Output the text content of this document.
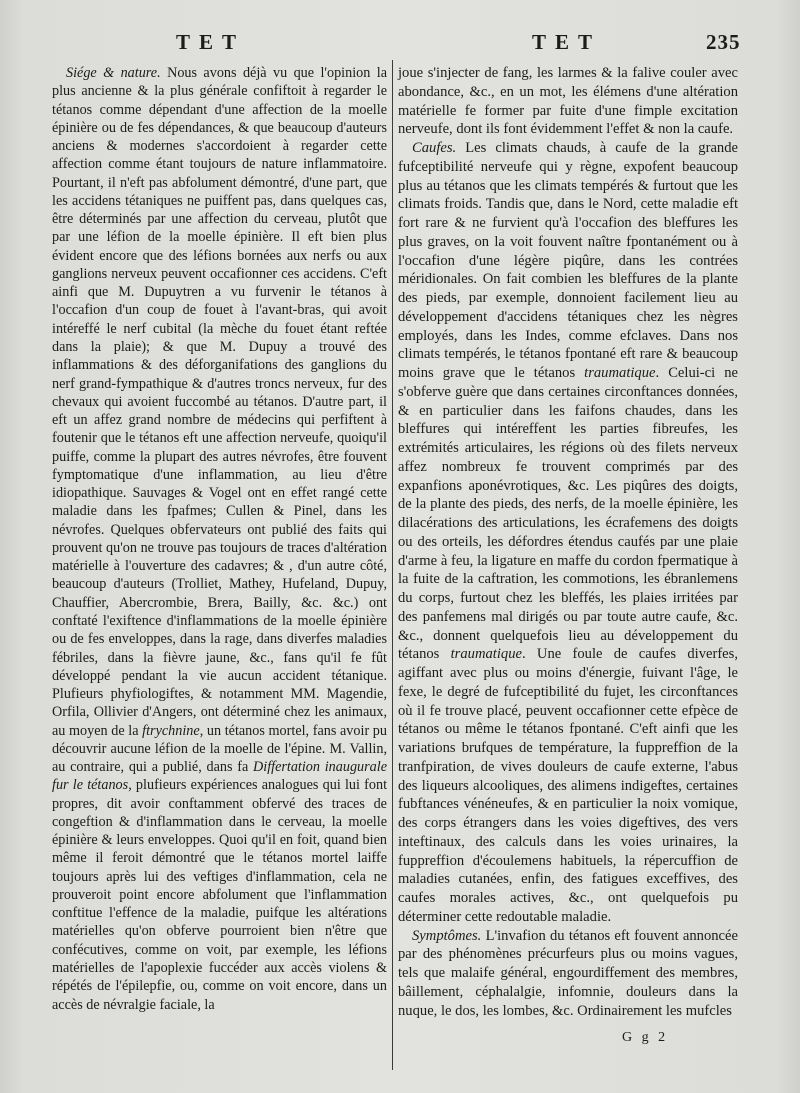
TET	TET	235

Siége & nature. Nous avons déjà vu que l'opinion la plus ancienne & la plus générale confiftoit à regarder le tétanos comme dépendant d'une affection de la moelle épinière ou de fes dépendances, & que beaucoup d'auteurs anciens & modernes s'accordoient à regarder cette affection comme étant toujours de nature inflammatoire. Pourtant, il n'eft pas abfolument démontré, d'une part, que les accidens tétaniques ne puiffent pas, dans quelques cas, être déterminés par une affection du cerveau, plutôt que par une léfion de la moelle épinière. Il eft bien plus évident encore que des léfions bornées aux nerfs ou aux ganglions nerveux peuvent occafionner ces accidens. C'eft ainfi que M. Dupuytren a vu furvenir le tétanos à l'occafion d'un coup de fouet à l'avant-bras, qui avoit intéreffé le nerf cubital (la mèche du fouet étant reftée dans la plaie); & que M. Dupuy a trouvé des inflammations & des déforganifations des ganglions du nerf grand-fympathique & d'autres troncs nerveux, fur des chevaux qui avoient fuccombé au tétanos. D'autre part, il eft un affez grand nombre de médecins qui perfiftent à foutenir que le tétanos eft une affection nerveufe, quoiqu'il puiffe, comme la plupart des autres névrofes, être fouvent fymptomatique d'une inflammation, au lieu d'être idiopathique. Sauvages & Vogel ont en effet rangé cette maladie dans les fpafmes; Cullen & Pinel, dans les névrofes. Quelques obfervateurs ont publié des faits qui prouvent qu'on ne trouve pas toujours de traces d'altération matérielle à l'ouverture des cadavres; & , d'un autre côté, beaucoup d'auteurs (Trolliet, Mathey, Hufeland, Dupuy, Chauffier, Abercrombie, Brera, Bailly, &c. &c.) ont conftaté l'exiftence d'inflammations de la moelle épinière ou de fes enveloppes, dans la rage, dans diverfes maladies fébriles, dans la fièvre jaune, &c., fans qu'il fe fût développé pendant la vie aucun accident tétanique. Plufieurs phyfiologiftes, & notamment MM. Magendie, Orfila, Ollivier d'Angers, ont déterminé chez les animaux, au moyen de la ftrychnine, un tétanos mortel, fans avoir pu découvrir aucune léfion de la moelle de l'épine. M. Vallin, au contraire, qui a publié, dans fa Differtation inaugurale fur le tétanos, plufieurs expériences analogues qui lui font propres, dit avoir conftamment obfervé des traces de congeftion & d'inflammation dans le cerveau, la moelle épinière & leurs enveloppes. Quoi qu'il en foit, quand bien même il feroit démontré que le tétanos mortel laiffe toujours après lui des veftiges d'inflammation, cela ne prouveroit point encore abfolument que l'inflammation conftitue l'effence de la maladie, puifque les altérations matérielles qu'on obferve pourroient bien n'être que confécutives, comme on voit, par exemple, les léfions matérielles de l'apoplexie fuccéder aux accès violens & répétés de l'épilepfie, ou, comme on voit encore, dans un accès de névralgie faciale, la

joue s'injecter de fang, les larmes & la falive couler avec abondance, &c., en un mot, les élémens d'une altération matérielle fe former par fuite d'une fimple excitation nerveufe, dont ils font évidemment l'effet & non la caufe.

Caufes. Les climats chauds, à caufe de la grande fufceptibilité nerveufe qui y règne, expofent beaucoup plus au tétanos que les climats tempérés & furtout que les climats froids. Tandis que, dans le Nord, cette maladie eft fort rare & ne furvient qu'à l'occafion des bleffures les plus graves, on la voit fouvent naître fpontanément ou à l'occafion d'une légère piqûre, dans les contrées méridionales. On fait combien les bleffures de la plante des pieds, par exemple, donnoient facilement lieu au développement d'accidens tétaniques chez les nègres employés, dans les Indes, comme efclaves. Dans nos climats tempérés, le tétanos fpontané eft rare & beaucoup moins grave que le tétanos traumatique. Celui-ci ne s'obferve guère que dans certaines circonftances données, & en particulier dans les faifons chaudes, dans les bleffures qui intéreffent les parties fibreufes, les extrémités articulaires, les régions où des filets nerveux affez nombreux fe trouvent comprimés par des expanfions aponévrotiques, &c. Les piqûres des doigts, de la plante des pieds, des nerfs, de la moelle épinière, les dilacérations des articulations, les écrafemens des doigts ou des orteils, les défordres étendus caufés par une plaie d'arme à feu, la ligature en maffe du cordon fpermatique à la fuite de la caftration, les commotions, les ébranlemens du corps, furtout chez les bleffés, les plaies irritées par des panfemens mal dirigés ou par toute autre caufe, &c. &c., donnent quelquefois lieu au développement du tétanos traumatique. Une foule de caufes diverfes, agiffant avec plus ou moins d'énergie, fuivant l'âge, le fexe, le degré de fufceptibilité du fujet, les circonftances où il fe trouve placé, peuvent occafionner cette efpèce de tétanos ou même le tétanos fpontané. C'eft ainfi que les variations brufques de température, la fuppreffion de la tranfpiration, de vives douleurs de caufe externe, l'abus des liqueurs alcooliques, des alimens indigeftes, certaines fubftances vénéneufes, & en particulier la noix vomique, des corps étrangers dans les voies digeftives, des vers inteftinaux, des calculs dans les voies urinaires, la fuppreffion d'écoulemens habituels, la répercuffion de maladies cutanées, enfin, des fatigues exceffives, des caufes morales actives, &c., ont quelquefois pu déterminer cette redoutable maladie.

Symptômes. L'invafion du tétanos eft fouvent annoncée par des phénomènes précurfeurs plus ou moins vagues, tels que malaife général, engourdiffement des membres, bâillement, céphalalgie, infomnie, douleurs dans la nuque, le dos, les lombes, &c. Ordinairement les mufcles

G g 2
